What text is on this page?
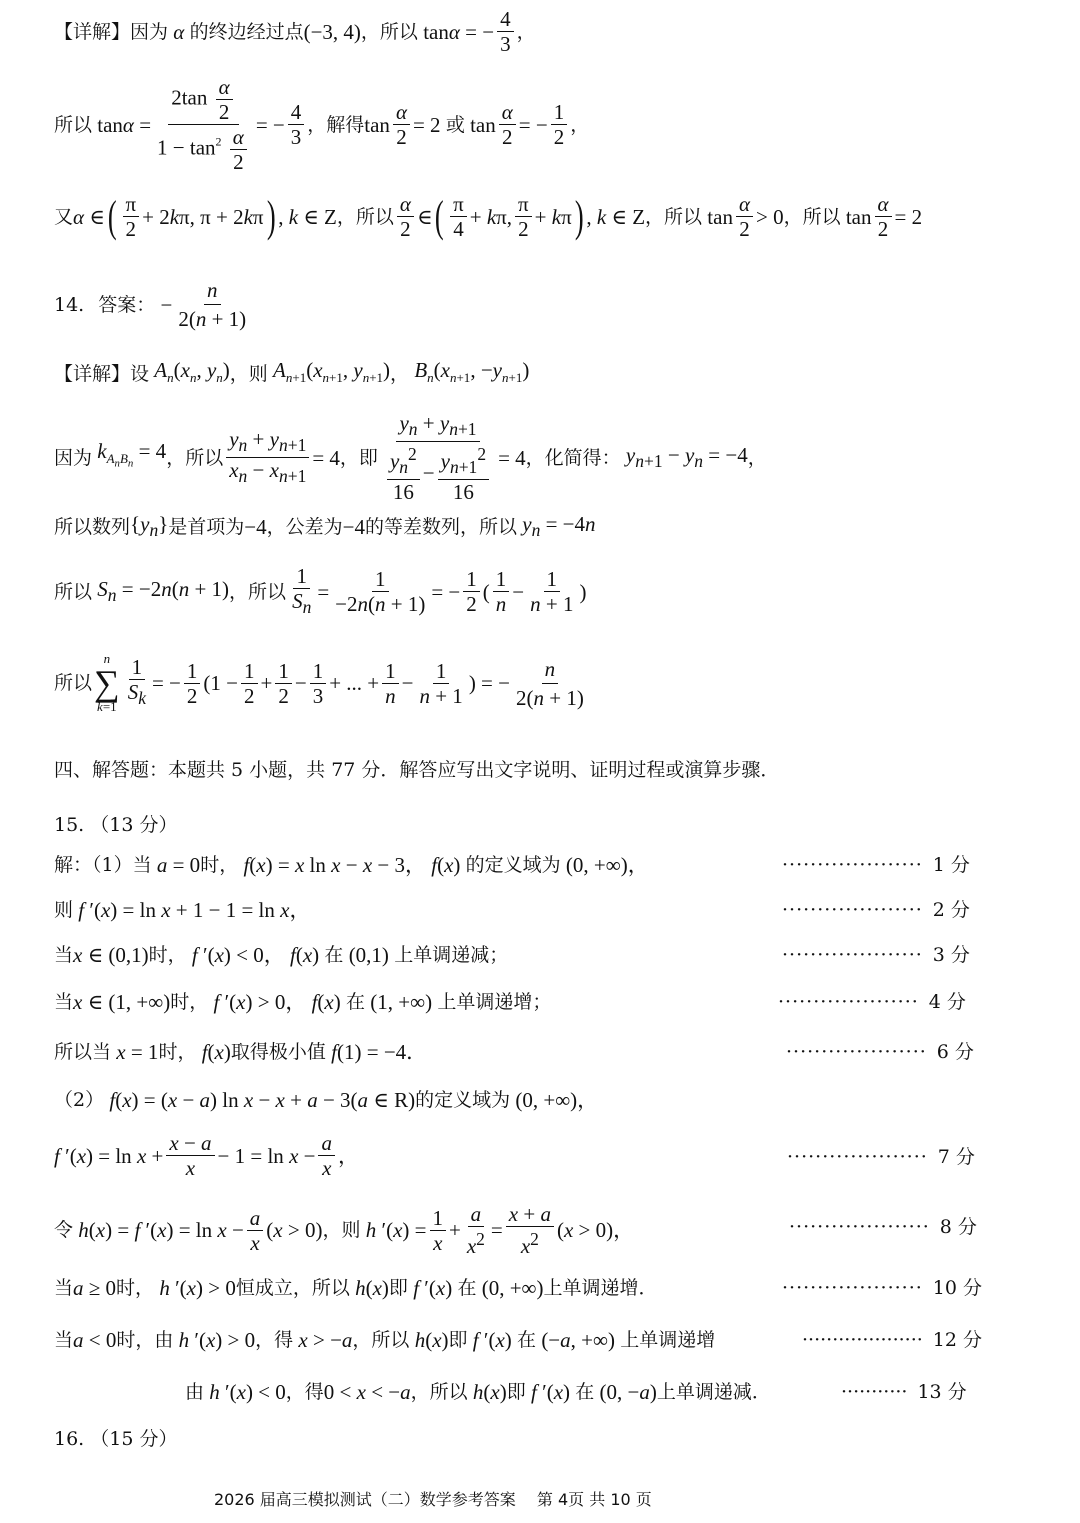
【详解】 因为 α 的终边经过点 (−3, 4) ，所以 tanα = − $\frac{4}{3}$ ，
所以 $\tan\alpha = \frac{2\tan \frac{\alpha}{2}}{1 - \tan^2 \frac{\alpha}{2}}$ = − $\frac{4}{3}$ ，解得 $\tan \frac{\alpha}{2} = 2$ 或 $\tan \frac{\alpha}{2}$ = − $\frac{1}{2}$ ，
又 α ∈ ( π
2
+ 2kπ, π + 2kπ ) , k ∈ Z ，所以
α
2
∈ ( π
4
+ kπ,
π
2
+ kπ ) , k ∈ Z ，所以 tan
α
2
> 0 ，所以 $\tan \frac{\alpha}{2} = 2$
14. 答案： − $\frac{n}{2(n + 1)}$
【详解】 设 $A_n(x_n$, $y_n$) ，则 $A_{n+1}(x_{n+1}$, $y_{n+1}$) ， $B_n(x_{n+1}$, $-y_{n+1}$)
因为 $k_{A_nB_n} = 4$ ，所以 $\frac{y_n + y_{n+1}}{x_n - x_{n+1}} = 4$ ，即 $y_n + y_{n+1}$
$y_n^2$
16
−
$y_{n+1}^2$
16 = 4 ，化简得： $y_{n+1} - y_n = -4$ ，
所以数列 $\{y_n\}$ 是首项为 −4 ，公差为 −4 的等差数列，所以 $y_n = -4n$
所以 $S_n = -2n(n + 1)$ ，所以 $\frac{1}{S_n} = \frac{1}{-2n(n + 1)}$ = − $\frac{1}{2}$ (
1
n
− $\frac{1}{n + 1}$ )
所以
n
∑
$k=1 \frac{1}{S_k}$ = − $\frac{1}{2} (1 - \frac{1}{2} + \frac{1}{2} - \frac{1}{3}$ + ... + $\frac{1}{n} - \frac{1}{n + 1}$ ) = − $\frac{n}{2(n + 1)}$
四、解答题：本题共 5 小题，共 77 分．解答应写出文字说明、证明过程或演算步骤．
15. （13 分）
解：（1）当 a = 0 时， f(x) = x ln x − x − 3， f(x) 的定义域为 (0, +∞)，	···················· 1 分
则 f ′(x) = ln x + 1 − 1 = ln x，	···················· 2 分
当 x ∈ (0,1) 时， f ′(x) < 0， f(x) 在 (0,1) 上单调递减；	···················· 3 分
当 x ∈ (1, +∞) 时， f ′(x) > 0， f(x) 在 (1, +∞) 上单调递增；	···················· 4 分
所以当 x = 1 时， f(x) 取得极小值 f(1) = −4．	···················· 6 分
（2） f(x) = (x − a) ln x − x + a − 3(a ∈ R) 的定义域为 (0, +∞)，
f $'(x) = \ln x + \frac{x - a}{x} - 1 = \ln x - \frac{a}{x}$ ，	···················· 7 分
令 h(x) = f $'(x) = \ln x - \frac{a}{x} (x > 0)$ ，则 h $'(x) = \frac{1}{x} + \frac{a}{x^2} = \frac{x + a}{x^2} (x > 0)$，	···················· 8 分
当 a ≥ 0 时， h ′(x) > 0 恒成立，所以 h(x) 即 f ′(x) 在 (0, +∞) 上单调递增．	···················· 10 分
当 a < 0 时，由 h ′(x) > 0 ，得 x > −a ，所以 h(x) 即 f ′(x) 在 (−a, +∞) 上单调递增	···················· 12 分
由 h ′(x) < 0 ，得 0 < x < −a ，所以 h(x) 即 f ′(x) 在 (0, −a) 上单调递减．	··········· 13 分
16. （15 分）
2026 届高三模拟测试（二）数学参考答案 第 4页 共 10 页
